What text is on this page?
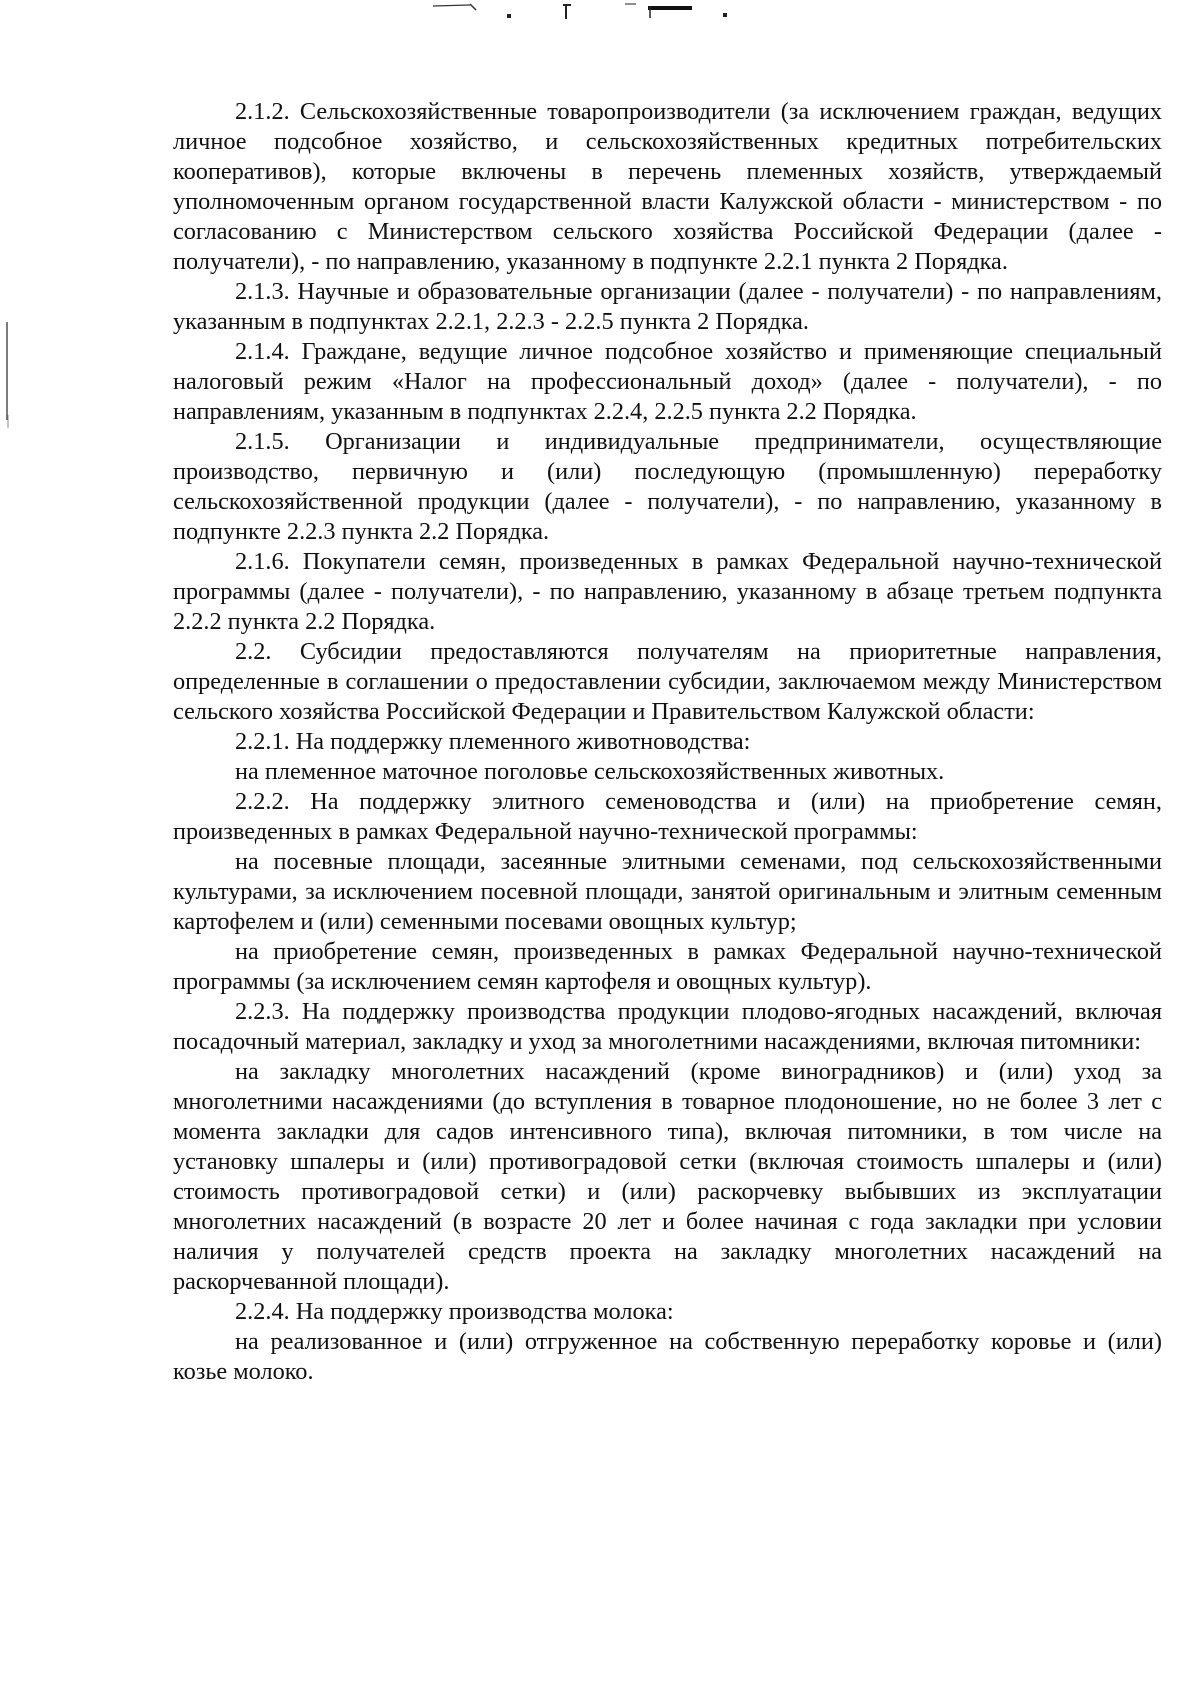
2.1.2. Сельскохозяйственные товаропроизводители (за исключением граждан, ведущих личное подсобное хозяйство, и сельскохозяйственных кредитных потребительских кооперативов), которые включены в перечень племенных хозяйств, утверждаемый уполномоченным органом государственной власти Калужской области - министерством - по согласованию с Министерством сельского хозяйства Российской Федерации (далее - получатели), - по направлению, указанному в подпункте 2.2.1 пункта 2 Порядка.

2.1.3. Научные и образовательные организации (далее - получатели) - по направлениям, указанным в подпунктах 2.2.1, 2.2.3 - 2.2.5 пункта 2 Порядка.

2.1.4. Граждане, ведущие личное подсобное хозяйство и применяющие специальный налоговый режим «Налог на профессиональный доход» (далее - получатели), - по направлениям, указанным в подпунктах 2.2.4, 2.2.5 пункта 2.2 Порядка.

2.1.5. Организации и индивидуальные предприниматели, осуществляющие производство, первичную и (или) последующую (промышленную) переработку сельскохозяйственной продукции (далее - получатели), - по направлению, указанному в подпункте 2.2.3 пункта 2.2 Порядка.

2.1.6. Покупатели семян, произведенных в рамках Федеральной научно-технической программы (далее - получатели), - по направлению, указанному в абзаце третьем подпункта 2.2.2 пункта 2.2 Порядка.

2.2. Субсидии предоставляются получателям на приоритетные направления, определенные в соглашении о предоставлении субсидии, заключаемом между Министерством сельского хозяйства Российской Федерации и Правительством Калужской области:

2.2.1. На поддержку племенного животноводства:

на племенное маточное поголовье сельскохозяйственных животных.

2.2.2. На поддержку элитного семеноводства и (или) на приобретение семян, произведенных в рамках Федеральной научно-технической программы:

на посевные площади, засеянные элитными семенами, под сельскохозяйственными культурами, за исключением посевной площади, занятой оригинальным и элитным семенным картофелем и (или) семенными посевами овощных культур;

на приобретение семян, произведенных в рамках Федеральной научно-технической программы (за исключением семян картофеля и овощных культур).

2.2.3. На поддержку производства продукции плодово-ягодных насаждений, включая посадочный материал, закладку и уход за многолетними насаждениями, включая питомники:

на закладку многолетних насаждений (кроме виноградников) и (или) уход за многолетними насаждениями (до вступления в товарное плодоношение, но не более 3 лет с момента закладки для садов интенсивного типа), включая питомники, в том числе на установку шпалеры и (или) противоградовой сетки (включая стоимость шпалеры и (или) стоимость противоградовой сетки) и (или) раскорчевку выбывших из эксплуатации многолетних насаждений (в возрасте 20 лет и более начиная с года закладки при условии наличия у получателей средств проекта на закладку многолетних насаждений на раскорчеванной площади).

2.2.4. На поддержку производства молока:

на реализованное и (или) отгруженное на собственную переработку коровье и (или) козье молоко.
